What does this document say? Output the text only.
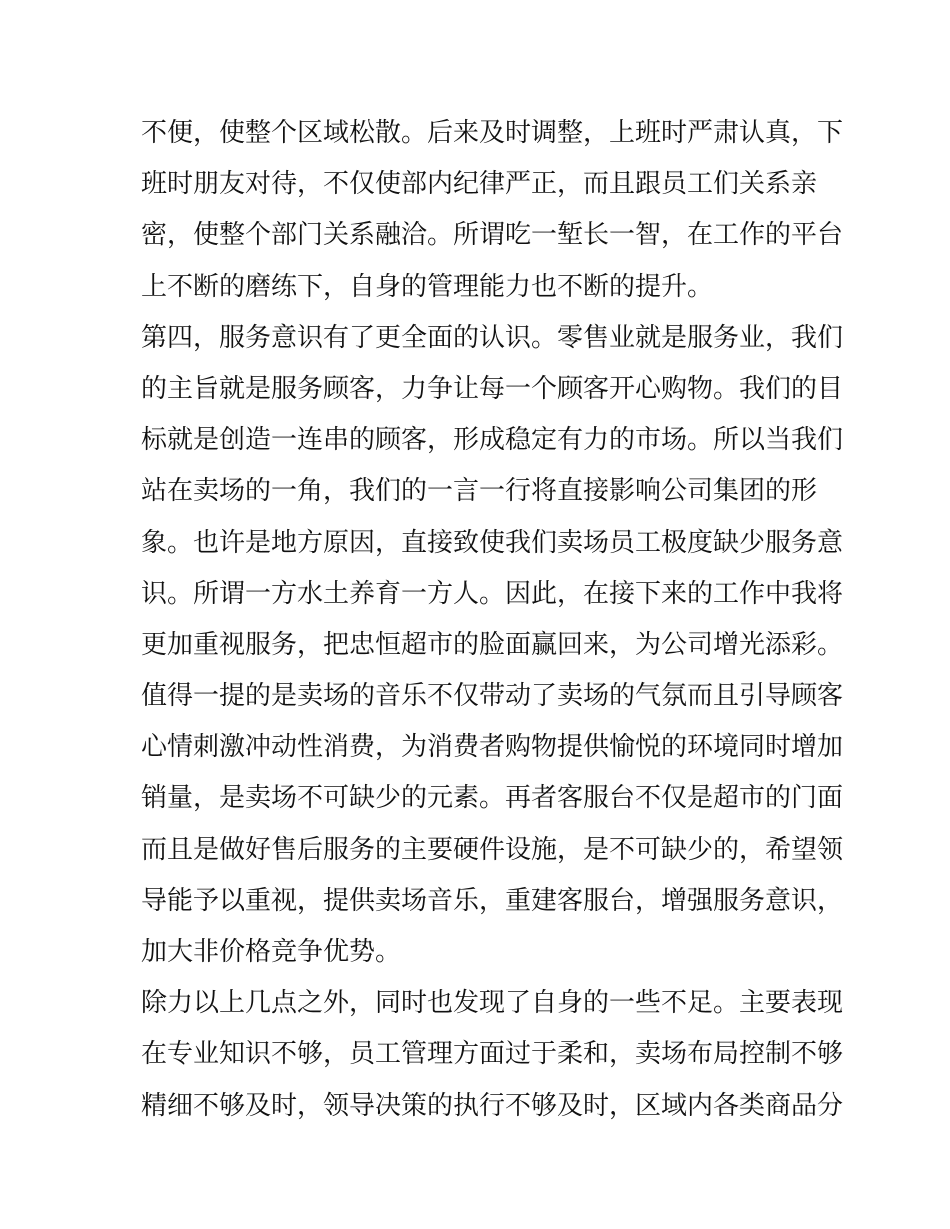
不便，使整个区域松散。后来及时调整，上班时严肃认真，下
班时朋友对待，不仅使部内纪律严正，而且跟员工们关系亲
密，使整个部门关系融洽。所谓吃一堑长一智，在工作的平台
上不断的磨练下，自身的管理能力也不断的提升。
第四，服务意识有了更全面的认识。零售业就是服务业，我们
的主旨就是服务顾客，力争让每一个顾客开心购物。我们的目
标就是创造一连串的顾客，形成稳定有力的市场。所以当我们
站在卖场的一角，我们的一言一行将直接影响公司集团的形
象。也许是地方原因，直接致使我们卖场员工极度缺少服务意
识。所谓一方水土养育一方人。因此，在接下来的工作中我将
更加重视服务，把忠恒超市的脸面赢回来，为公司增光添彩。
值得一提的是卖场的音乐不仅带动了卖场的气氛而且引导顾客
心情刺激冲动性消费，为消费者购物提供愉悦的环境同时增加
销量，是卖场不可缺少的元素。再者客服台不仅是超市的门面
而且是做好售后服务的主要硬件设施，是不可缺少的，希望领
导能予以重视，提供卖场音乐，重建客服台，增强服务意识，
加大非价格竞争优势。
除力以上几点之外，同时也发现了自身的一些不足。主要表现
在专业知识不够，员工管理方面过于柔和，卖场布局控制不够
精细不够及时，领导决策的执行不够及时，区域内各类商品分
